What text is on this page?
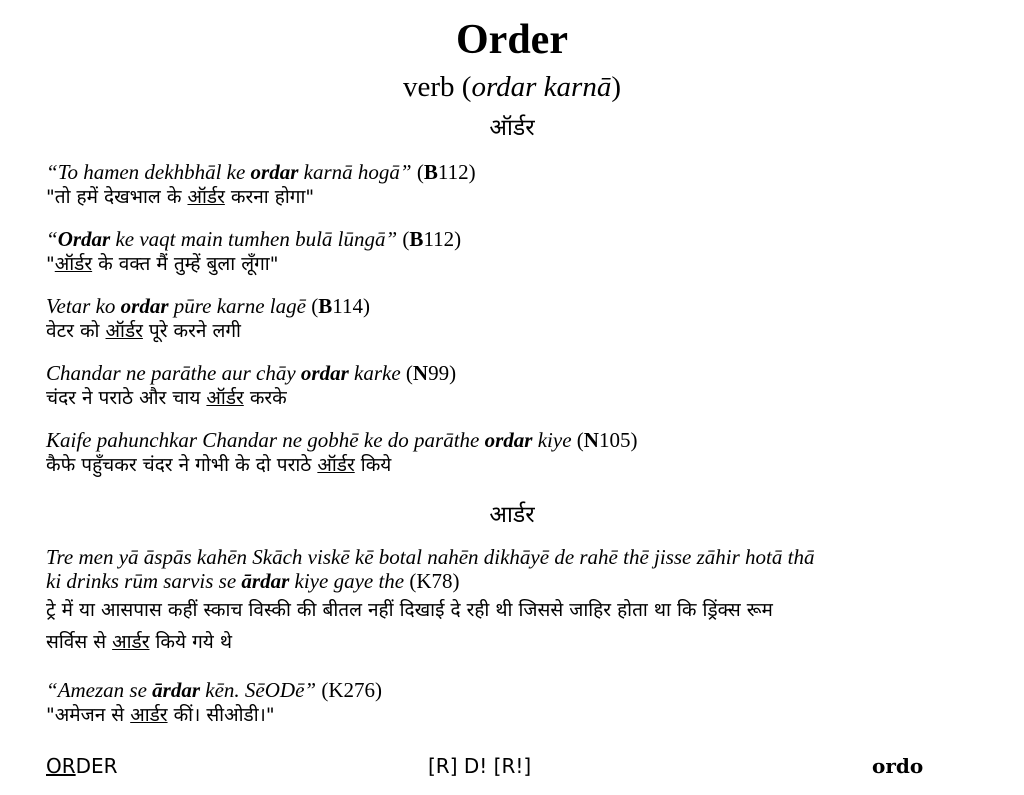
Order
verb (ordar karnā)
ऑर्डर
“To hamen dekhbhāl ke ordar karnā hogā” (B112)
"तो हमें देखभाल के ऑर्डर करना होगा"
“Ordar ke vaqt main tumhen bulā lūngā” (B112)
"ऑर्डर के वक्त मैं तुम्हें बुला लूँगा"
Vetar ko ordar pūre karne lagē (B114)
वेटर को ऑर्डर पूरे करने लगी
Chandar ne parāthe aur chāy ordar karke (N99)
चंदर ने पराठे और चाय ऑर्डर करके
Kaife pahunchkar Chandar ne gobhē ke do parāthe ordar kiye (N105)
कैफे पहुँचकर चंदर ने गोभी के दो पराठे ऑर्डर किये
आर्डर
Tre men yā āspās kahēn Skāch viskē kē botal nahēn dikhāyē de rahē thē jisse zāhir hotā thā
ki drinks rūm sarvis se ārdar kiye gaye the (K78)
ट्रे में या आसपास कहीं स्काच विस्की की बीतल नहीं दिखाई दे रही थी जिससे जाहिर होता था कि ड्रिंक्स रूम
सर्विस से आर्डर किये गये थे
“Amezan se ārdar kēn. SēODē” (K276)
"अमेजन से आर्डर कीं। सीओडी।"
ORDER	[R] D! [R!]	ordo
